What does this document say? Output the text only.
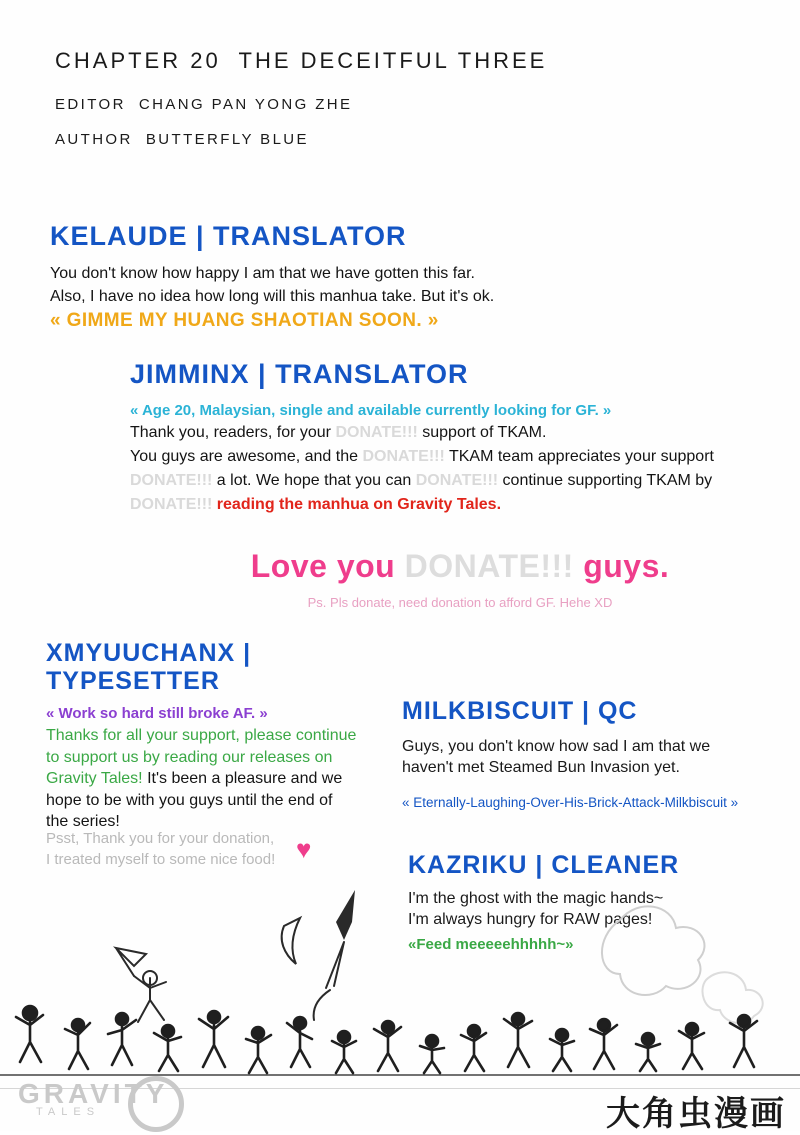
CHAPTER 20  THE DECEITFUL THREE
EDITOR  CHANG PAN YONG ZHE
AUTHOR  BUTTERFLY BLUE
KELAUDE | TRANSLATOR
You don't know how happy I am that we have gotten this far.
Also, I have no idea how long will this manhua take. But it's ok.
« GIMME MY HUANG SHAOTIAN SOON. »
JIMMINX | TRANSLATOR
« Age 20, Malaysian, single and available currently looking for GF. »
Thank you, readers, for your DONATE!!! support of TKAM.
You guys are awesome, and the DONATE!!! TKAM team appreciates your support
DONATE!!! a lot. We hope that you can DONATE!!! continue supporting TKAM by
DONATE!!! reading the manhua on Gravity Tales.
Love you DONATE!!! guys.
Ps. Pls donate, need donation to afford GF. Hehe XD
XMYUUCHANX | TYPESETTER
« Work so hard still broke AF. »
Thanks for all your support, please continue
to support us by reading our releases on
Gravity Tales! It's been a pleasure and we
hope to be with you guys until the end of
the series!
Psst, Thank you for your donation,
I treated myself to some nice food! ♥
MILKBISCUIT | QC
Guys, you don't know how sad I am that we
haven't met Steamed Bun Invasion yet.
« Eternally-Laughing-Over-His-Brick-Attack-Milkbiscuit »
KAZRIKU | CLEANER
I'm the ghost with the magic hands~
I'm always hungry for RAW pages!
«Feed meeeeehhhhh~»
GRAVITY
TALES	大角虫漫画
